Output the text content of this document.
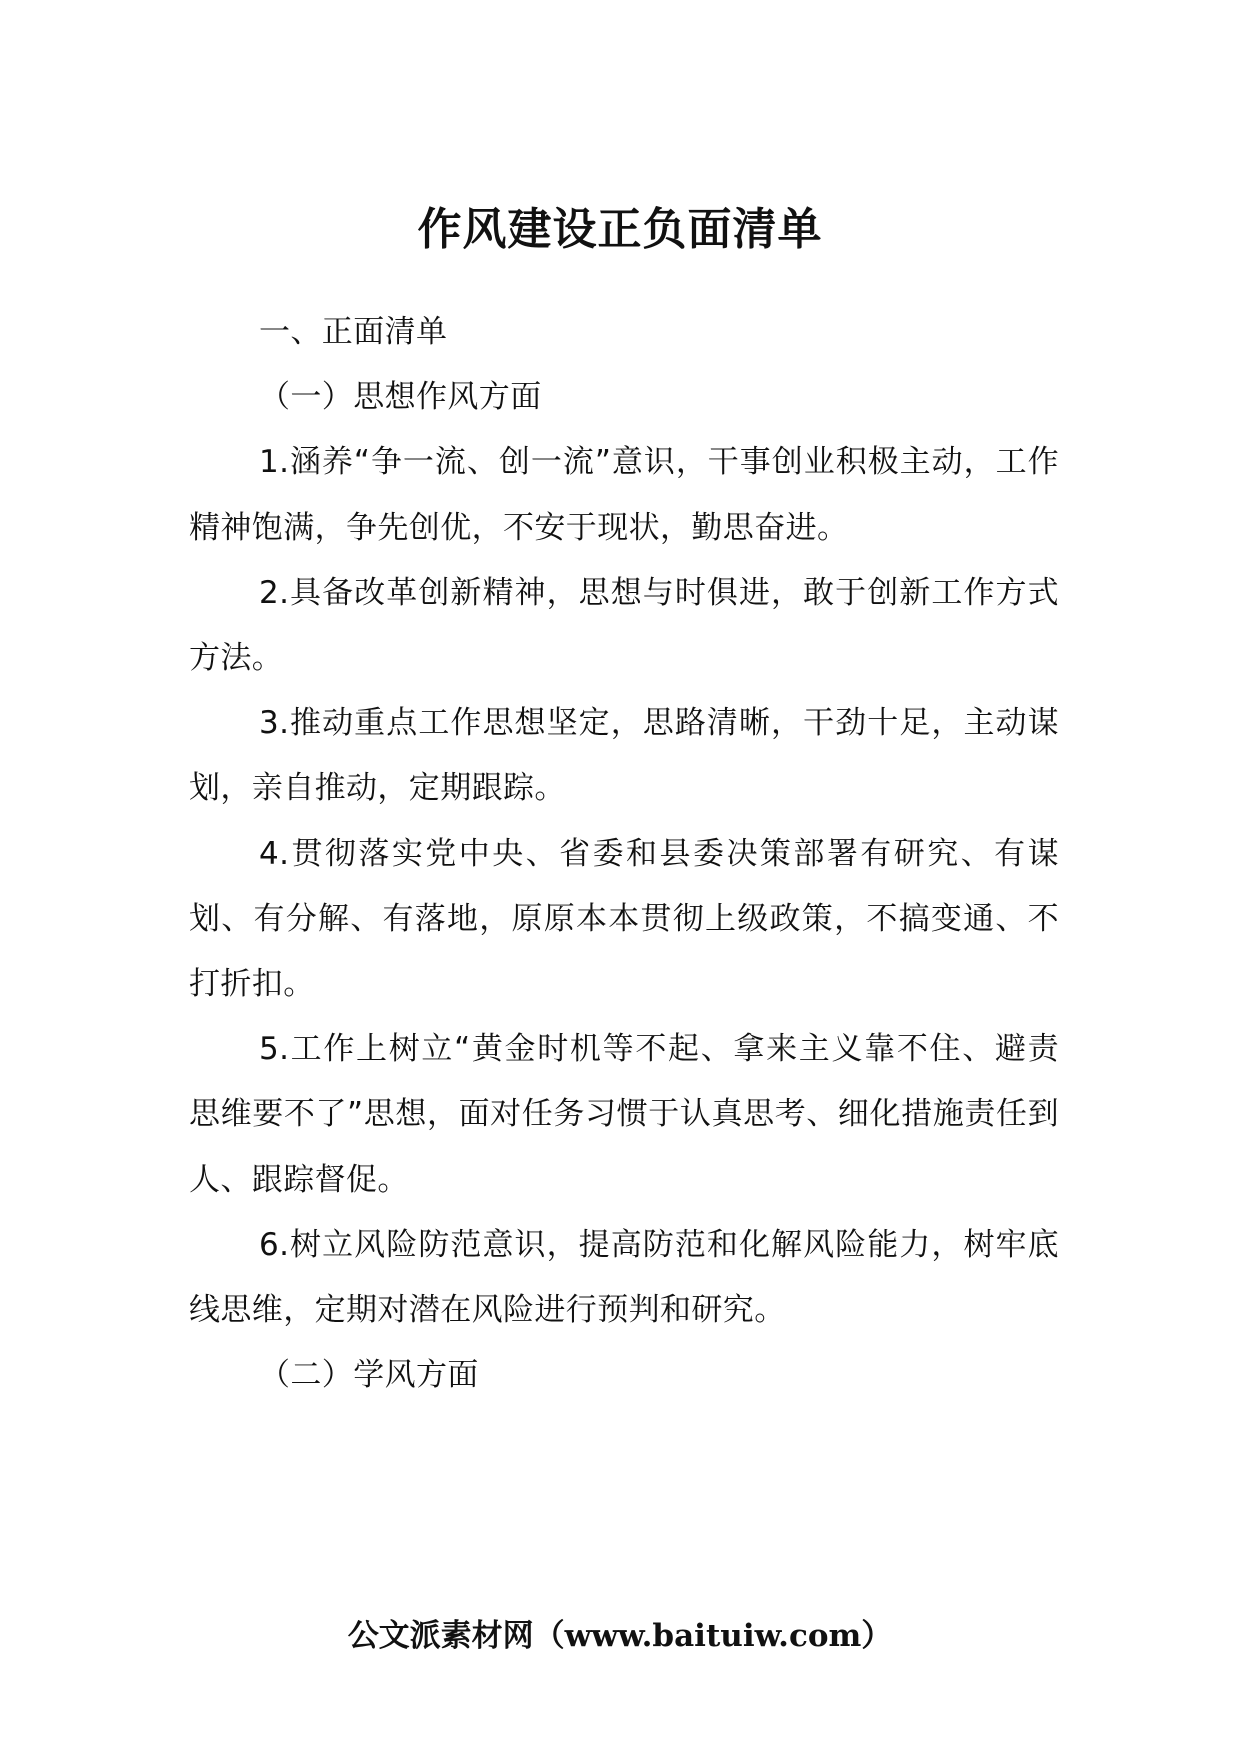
作风建设正负面清单

一、正面清单

（一）思想作风方面

1.涵养“争一流、创一流”意识，干事创业积极主动，工作精神饱满，争先创优，不安于现状，勤思奋进。

2.具备改革创新精神，思想与时俱进，敢于创新工作方式方法。

3.推动重点工作思想坚定，思路清晰，干劲十足，主动谋划，亲自推动，定期跟踪。

4.贯彻落实党中央、省委和县委决策部署有研究、有谋划、有分解、有落地，原原本本贯彻上级政策，不搞变通、不打折扣。

5.工作上树立“黄金时机等不起、拿来主义靠不住、避责思维要不了”思想，面对任务习惯于认真思考、细化措施责任到人、跟踪督促。

6.树立风险防范意识，提高防范和化解风险能力，树牢底线思维，定期对潜在风险进行预判和研究。

（二）学风方面

公文派素材网（www.baituiw.com）
